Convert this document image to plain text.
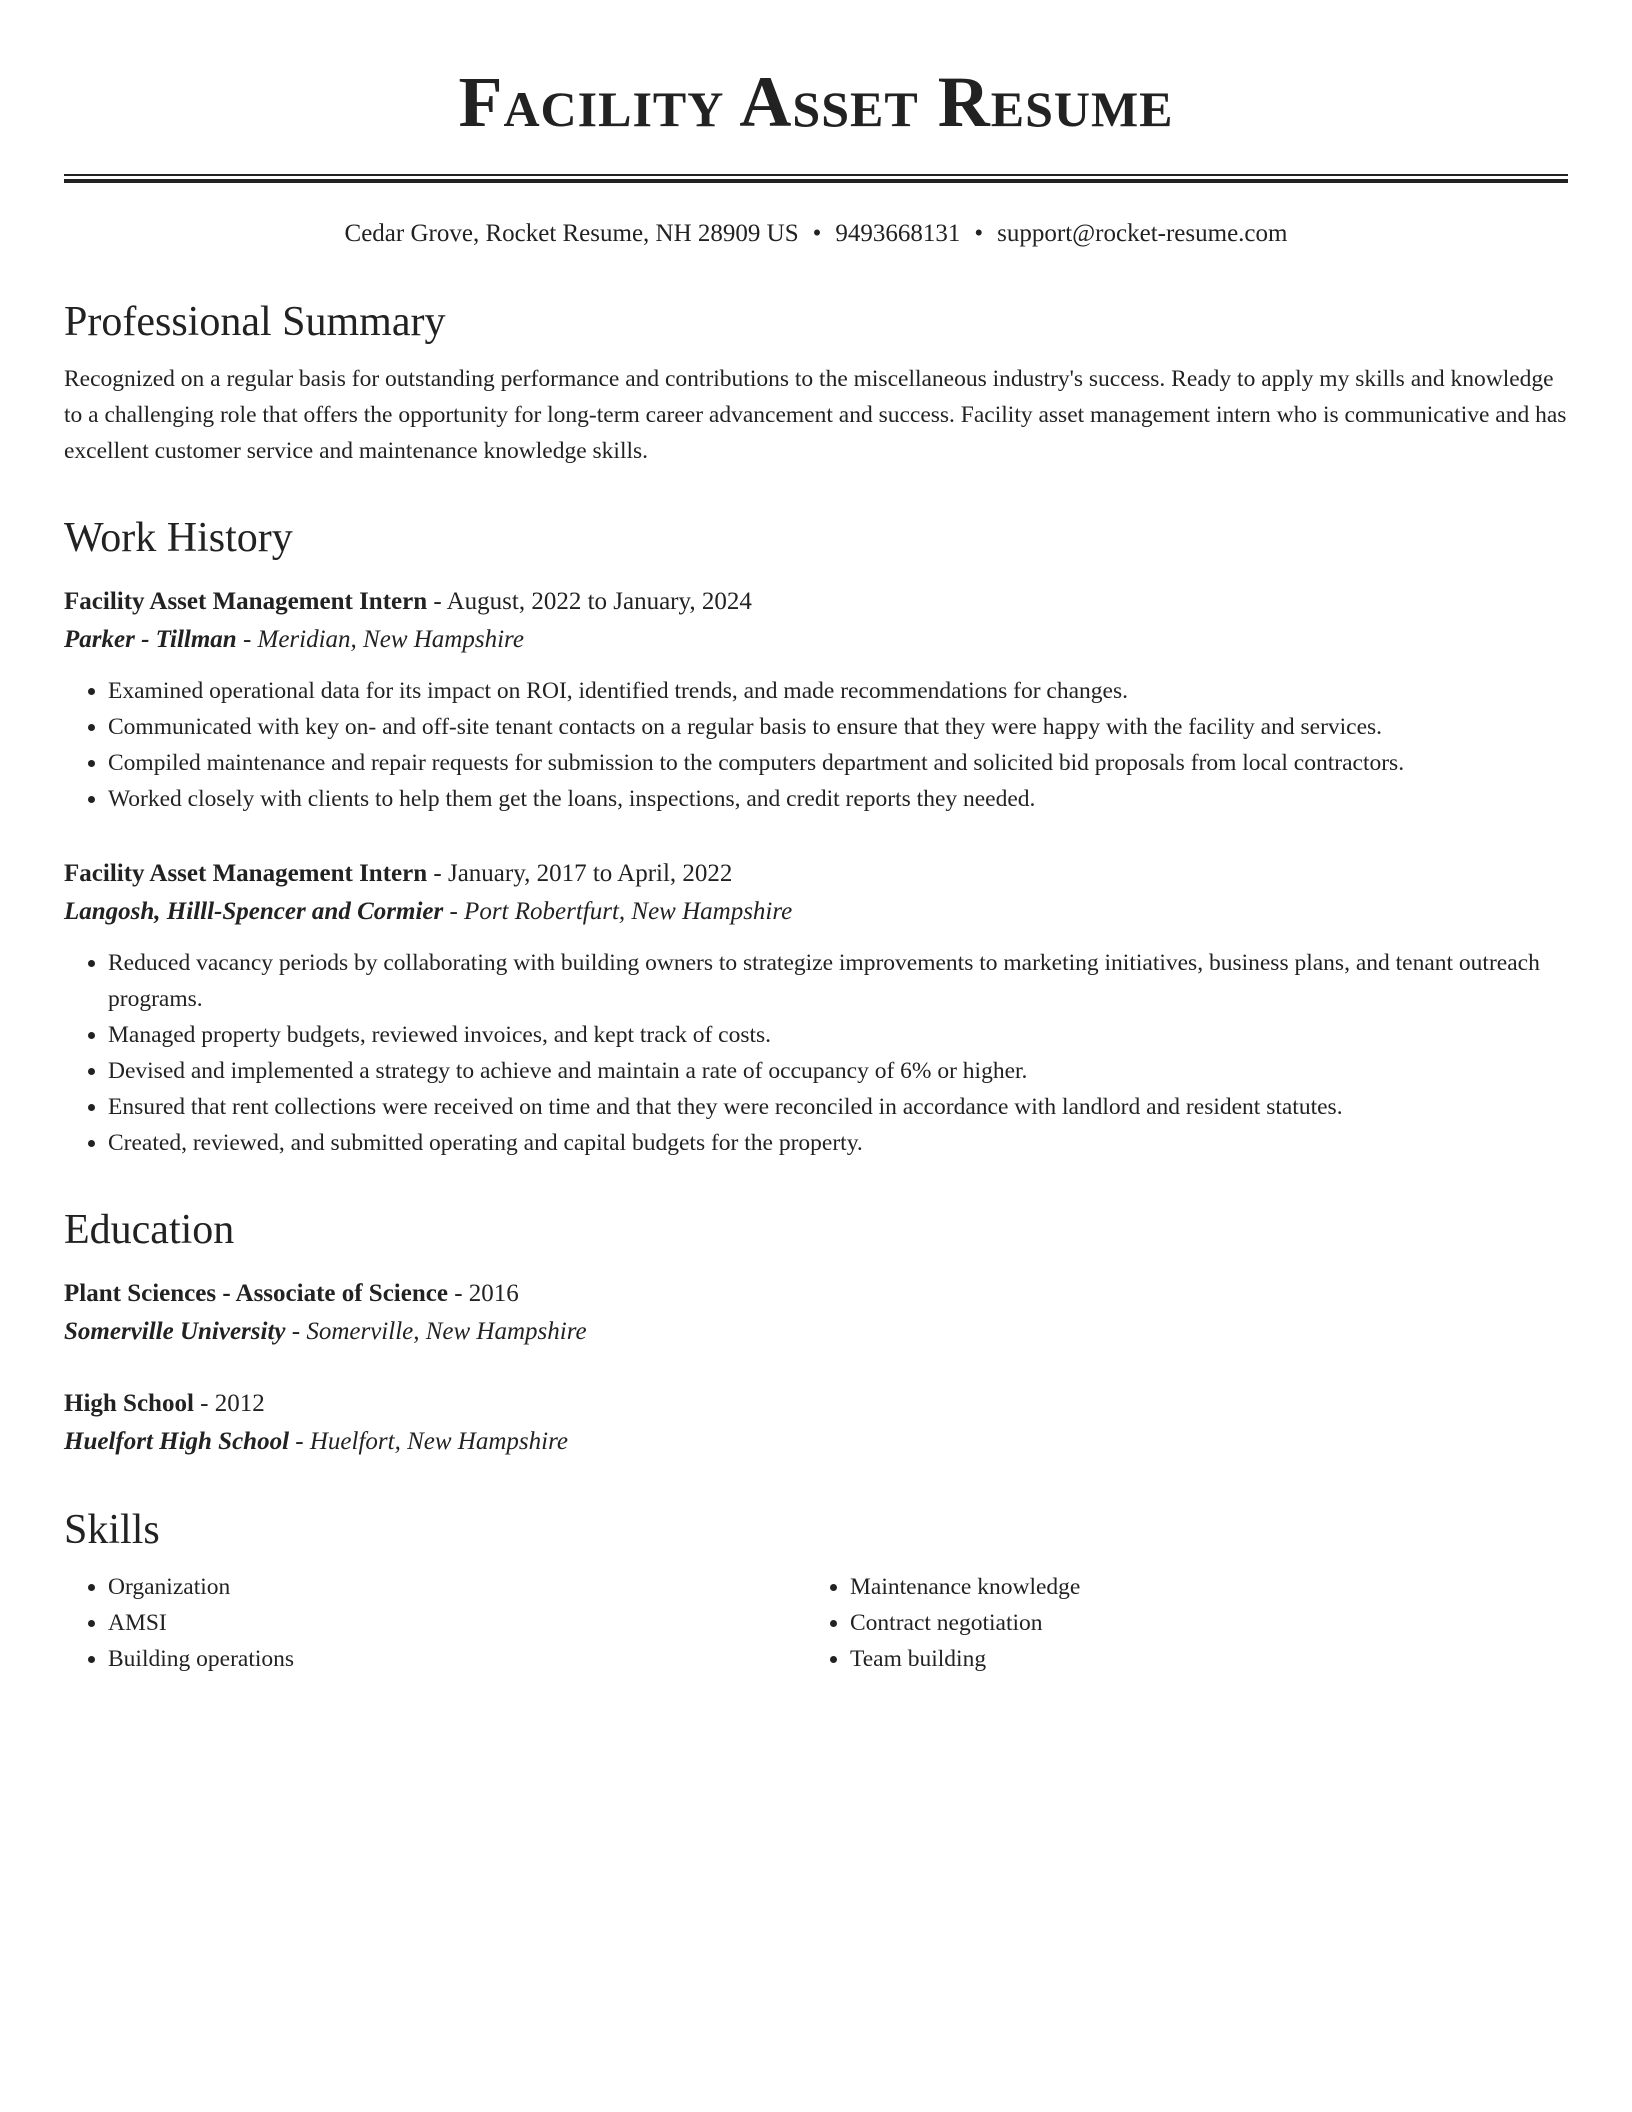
Facility Asset Resume
Cedar Grove, Rocket Resume, NH 28909 US • 9493668131 • support@rocket-resume.com
Professional Summary
Recognized on a regular basis for outstanding performance and contributions to the miscellaneous industry's success. Ready to apply my skills and knowledge to a challenging role that offers the opportunity for long-term career advancement and success. Facility asset management intern who is communicative and has excellent customer service and maintenance knowledge skills.
Work History
Facility Asset Management Intern - August, 2022 to January, 2024
Parker - Tillman - Meridian, New Hampshire
• Examined operational data for its impact on ROI, identified trends, and made recommendations for changes.
• Communicated with key on- and off-site tenant contacts on a regular basis to ensure that they were happy with the facility and services.
• Compiled maintenance and repair requests for submission to the computers department and solicited bid proposals from local contractors.
• Worked closely with clients to help them get the loans, inspections, and credit reports they needed.
Facility Asset Management Intern - January, 2017 to April, 2022
Langosh, Hilll-Spencer and Cormier - Port Robertfurt, New Hampshire
• Reduced vacancy periods by collaborating with building owners to strategize improvements to marketing initiatives, business plans, and tenant outreach programs.
• Managed property budgets, reviewed invoices, and kept track of costs.
• Devised and implemented a strategy to achieve and maintain a rate of occupancy of 6% or higher.
• Ensured that rent collections were received on time and that they were reconciled in accordance with landlord and resident statutes.
• Created, reviewed, and submitted operating and capital budgets for the property.
Education
Plant Sciences - Associate of Science - 2016
Somerville University - Somerville, New Hampshire
High School - 2012
Huelfort High School - Huelfort, New Hampshire
Skills
• Organization
• AMSI
• Building operations
• Maintenance knowledge
• Contract negotiation
• Team building
